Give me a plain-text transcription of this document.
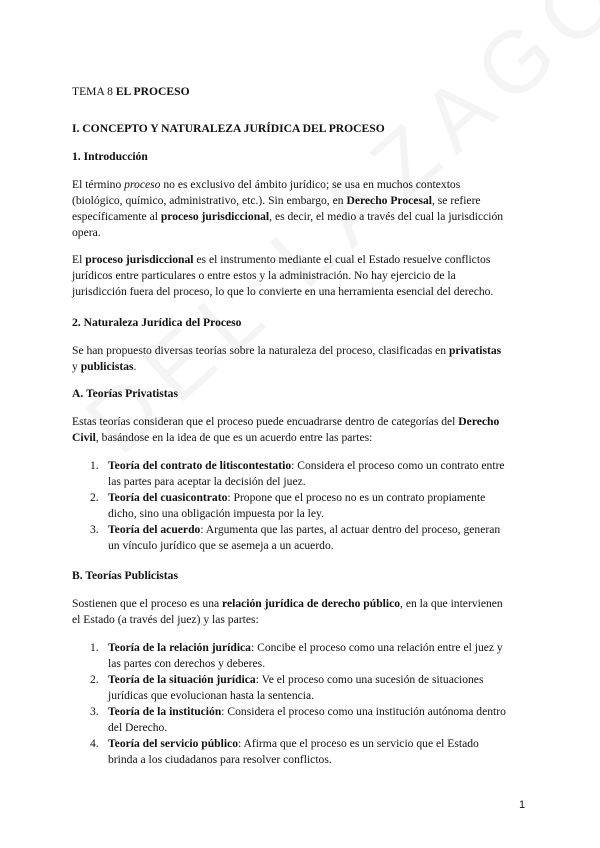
TEMA 8 EL PROCESO
I. CONCEPTO Y NATURALEZA JURÍDICA DEL PROCESO
1. Introducción
El término proceso no es exclusivo del ámbito jurídico; se usa en muchos contextos
(biológico, químico, administrativo, etc.). Sin embargo, en Derecho Procesal, se refiere
específicamente al proceso jurisdiccional, es decir, el medio a través del cual la jurisdicción
opera.
El proceso jurisdiccional es el instrumento mediante el cual el Estado resuelve conflictos
jurídicos entre particulares o entre estos y la administración. No hay ejercicio de la
jurisdicción fuera del proceso, lo que lo convierte en una herramienta esencial del derecho.
2. Naturaleza Jurídica del Proceso
Se han propuesto diversas teorías sobre la naturaleza del proceso, clasificadas en privatistas
y publicistas.
A. Teorías Privatistas
Estas teorías consideran que el proceso puede encuadrarse dentro de categorías del Derecho
Civil, basándose en la idea de que es un acuerdo entre las partes:
1. Teoría del contrato de litiscontestatio: Considera el proceso como un contrato entre
las partes para aceptar la decisión del juez.
2. Teoría del cuasicontrato: Propone que el proceso no es un contrato propiamente
dicho, sino una obligación impuesta por la ley.
3. Teoría del acuerdo: Argumenta que las partes, al actuar dentro del proceso, generan
un vínculo jurídico que se asemeja a un acuerdo.
B. Teorías Publicistas
Sostienen que el proceso es una relación jurídica de derecho público, en la que intervienen
el Estado (a través del juez) y las partes:
1. Teoría de la relación jurídica: Concibe el proceso como una relación entre el juez y
las partes con derechos y deberes.
2. Teoría de la situación jurídica: Ve el proceso como una sucesión de situaciones
jurídicas que evolucionan hasta la sentencia.
3. Teoría de la institución: Considera el proceso como una institución autónoma dentro
del Derecho.
4. Teoría del servicio público: Afirma que el proceso es un servicio que el Estado
brinda a los ciudadanos para resolver conflictos.
1
